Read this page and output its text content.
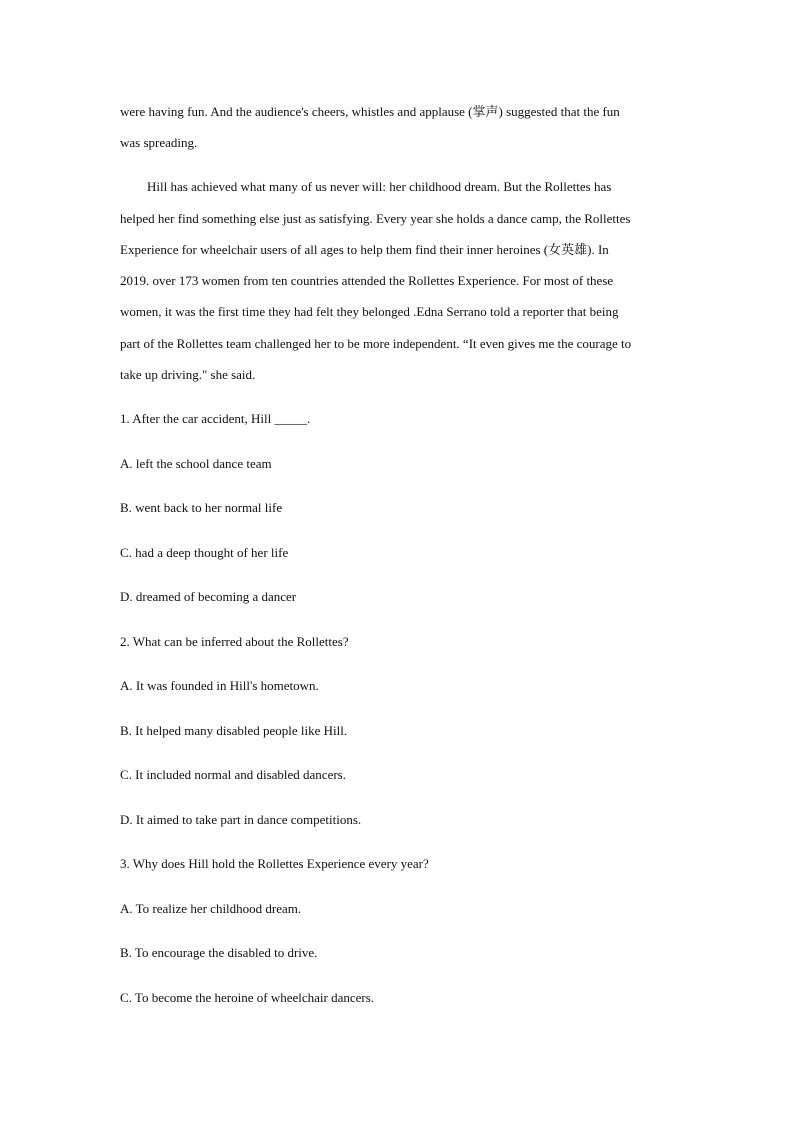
were having fun. And the audience's cheers, whistles and applause (掌声) suggested that the fun
was spreading.
Hill has achieved what many of us never will: her childhood dream. But the Rollettes has
helped her find something else just as satisfying. Every year she holds a dance camp, the Rollettes
Experience for wheelchair users of all ages to help them find their inner heroines (女英雄). In
2019. over 173 women from ten countries attended the Rollettes Experience. For most of these
women, it was the first time they had felt they belonged .Edna Serrano told a reporter that being
part of the Rollettes team challenged her to be more independent. “It even gives me the courage to
take up driving." she said.
1. After the car accident, Hill _____.
A. left the school dance team
B. went back to her normal life
C. had a deep thought of her life
D. dreamed of becoming a dancer
2. What can be inferred about the Rollettes?
A. It was founded in Hill's hometown.
B. It helped many disabled people like Hill.
C. It included normal and disabled dancers.
D. It aimed to take part in dance competitions.
3. Why does Hill hold the Rollettes Experience every year?
A. To realize her childhood dream.
B. To encourage the disabled to drive.
C. To become the heroine of wheelchair dancers.
